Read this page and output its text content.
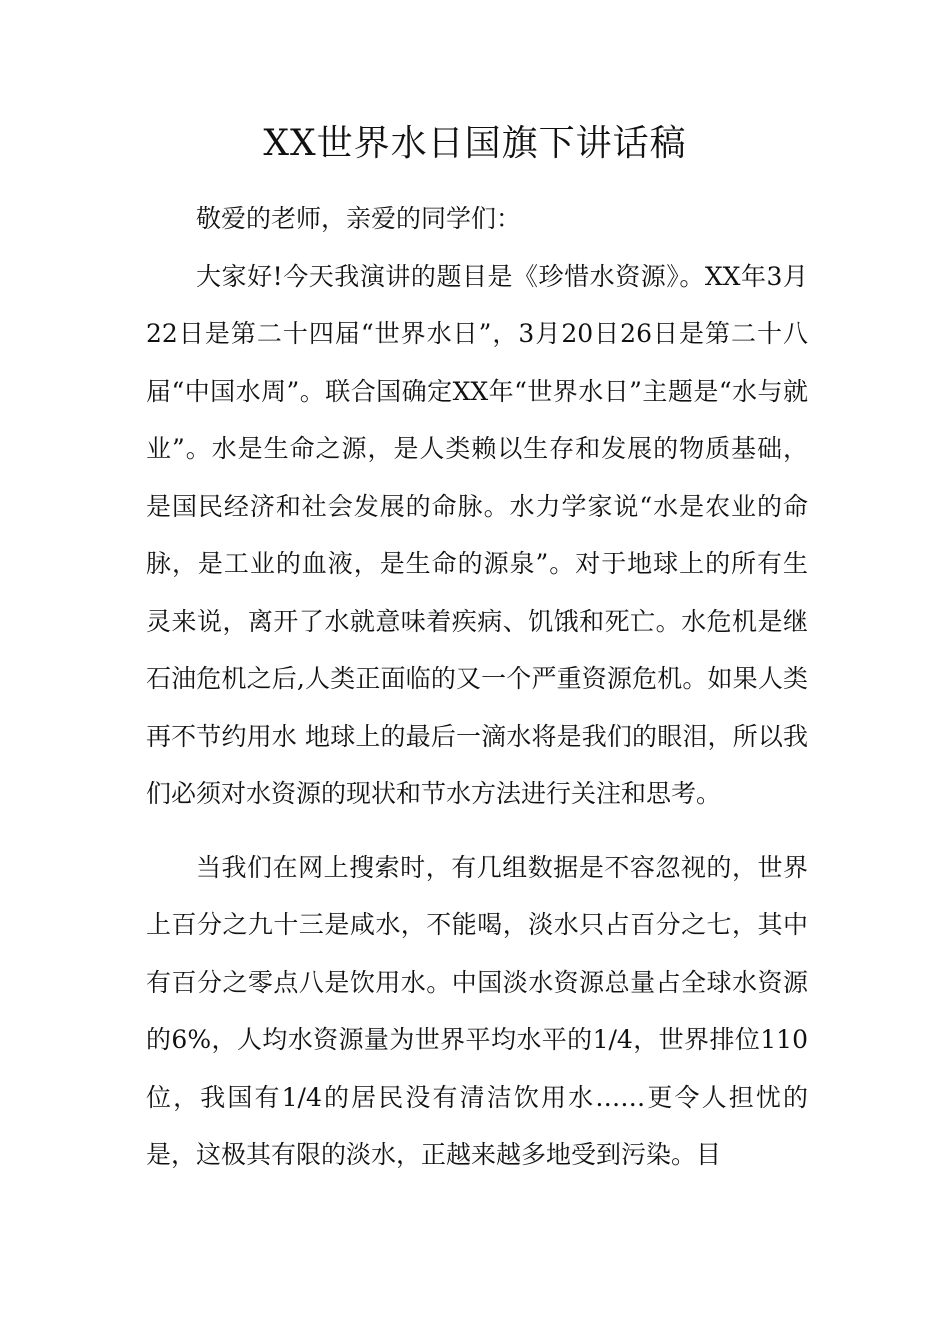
XX世界水日国旗下讲话稿

敬爱的老师，亲爱的同学们：

大家好!今天我演讲的题目是《珍惜水资源》。XX年3月22日是第二十四届“世界水日”，3月20日26日是第二十八届“中国水周”。联合国确定XX年“世界水日”主题是“水与就业”。水是生命之源，是人类赖以生存和发展的物质基础，是国民经济和社会发展的命脉。水力学家说“水是农业的命脉，是工业的血液，是生命的源泉”。对于地球上的所有生灵来说，离开了水就意味着疾病、饥饿和死亡。水危机是继石油危机之后,人类正面临的又一个严重资源危机。如果人类再不节约用水 地球上的最后一滴水将是我们的眼泪，所以我们必须对水资源的现状和节水方法进行关注和思考。

当我们在网上搜索时，有几组数据是不容忽视的，世界上百分之九十三是咸水，不能喝，淡水只占百分之七，其中有百分之零点八是饮用水。中国淡水资源总量占全球水资源的6%，人均水资源量为世界平均水平的1/4，世界排位110位，我国有1/4的居民没有清洁饮用水……更令人担忧的是，这极其有限的淡水，正越来越多地受到污染。目
